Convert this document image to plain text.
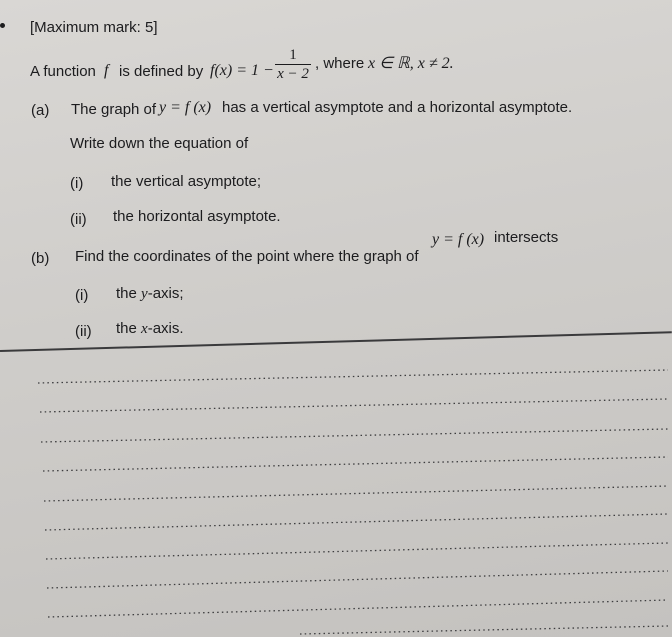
[Maximum mark: 5]
A function f is defined by f(x) = 1 −
1
x − 2
, where x ∈ ℝ, x ≠ 2.
(a) The graph of y = f (x) has a vertical asymptote and a horizontal asymptote.
Write down the equation of
(i) the vertical asymptote;
(ii) the horizontal asymptote.
(b) Find the coordinates of the point where the graph of
y = f (x) intersects
(i) the y-axis;
(ii) the x-axis.
